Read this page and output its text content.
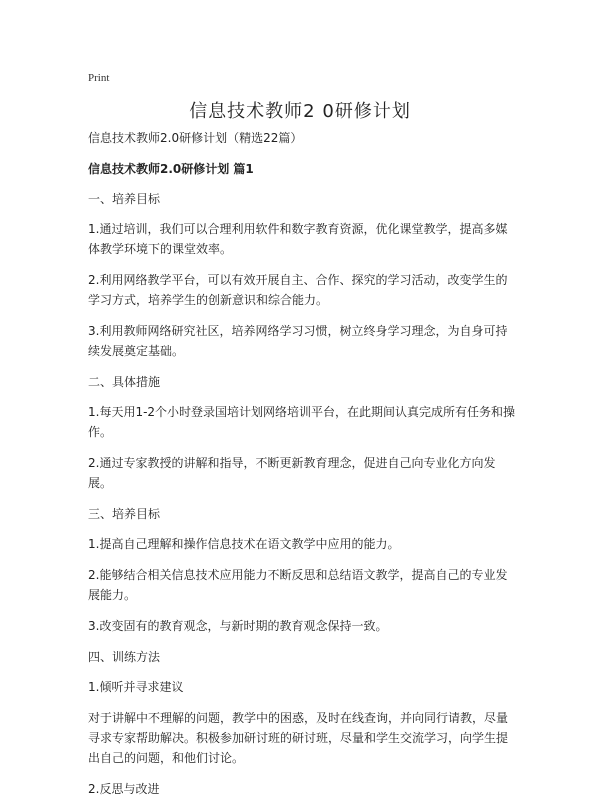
Print
信息技术教师2 0研修计划

信息技术教师2.0研修计划（精选22篇）

信息技术教师2.0研修计划 篇1

一、培养目标

1.通过培训，我们可以合理利用软件和数字教育资源，优化课堂教学，提高多媒体教学环境下的课堂效率。

2.利用网络教学平台，可以有效开展自主、合作、探究的学习活动，改变学生的学习方式，培养学生的创新意识和综合能力。

3.利用教师网络研究社区，培养网络学习习惯，树立终身学习理念，为自身可持续发展奠定基础。

二、具体措施

1.每天用1-2个小时登录国培计划网络培训平台，在此期间认真完成所有任务和操作。

2.通过专家教授的讲解和指导，不断更新教育理念，促进自己向专业化方向发展。

三、培养目标

1.提高自己理解和操作信息技术在语文教学中应用的能力。

2.能够结合相关信息技术应用能力不断反思和总结语文教学，提高自己的专业发展能力。

3.改变固有的教育观念，与新时期的教育观念保持一致。

四、训练方法

1.倾听并寻求建议

对于讲解中不理解的问题，教学中的困惑，及时在线查询，并向同行请教，尽量寻求专家帮助解决。积极参加研讨班的研讨班，尽量和学生交流学习，向学生提出自己的问题，和他们讨论。

2.反思与改进
